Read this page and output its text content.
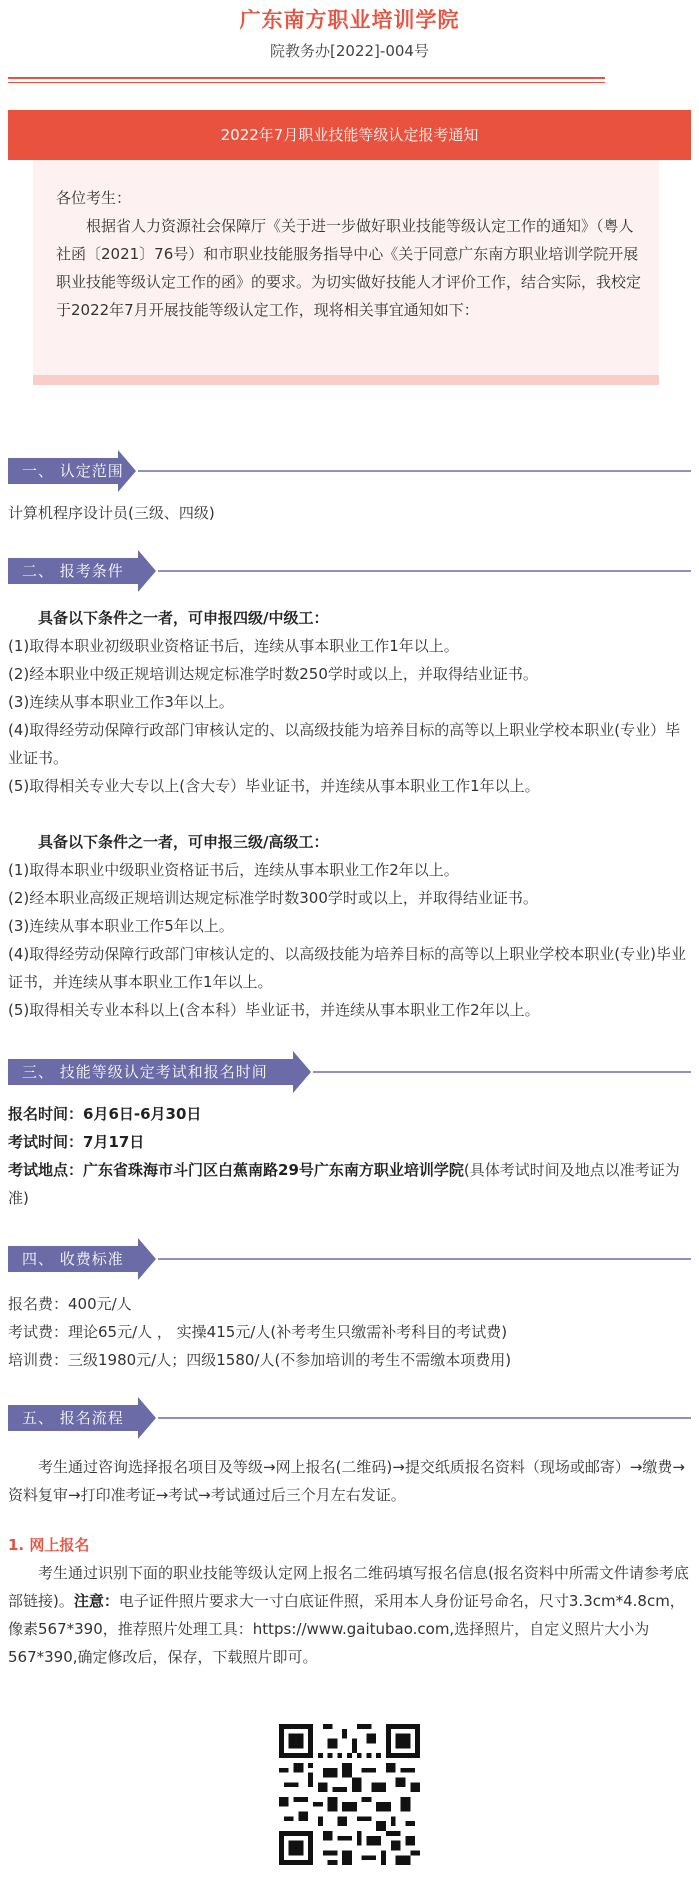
广东南方职业培训学院
院教务办[2022]-004号
2022年7月职业技能等级认定报考通知

各位考生：

根据省人力资源社会保障厅《关于进一步做好职业技能等级认定工作的通知》（粤人社函〔2021〕76号）和市职业技能服务指导中心《关于同意广东南方职业培训学院开展职业技能等级认定工作的函》的要求。为切实做好技能人才评价工作，结合实际，我校定于2022年7月开展技能等级认定工作，现将相关事宜通知如下：

一、 认定范围

计算机程序设计员(三级、四级)

二、 报考条件

具备以下条件之一者，可申报四级/中级工：

(1)取得本职业初级职业资格证书后，连续从事本职业工作1年以上。

(2)经本职业中级正规培训达规定标准学时数250学时或以上，并取得结业证书。

(3)连续从事本职业工作3年以上。

(4)取得经劳动保障行政部门审核认定的、以高级技能为培养目标的高等以上职业学校本职业(专业）毕业证书。

(5)取得相关专业大专以上(含大专）毕业证书，并连续从事本职业工作1年以上。

具备以下条件之一者，可申报三级/高级工：

(1)取得本职业中级职业资格证书后，连续从事本职业工作2年以上。

(2)经本职业高级正规培训达规定标准学时数300学时或以上，并取得结业证书。

(3)连续从事本职业工作5年以上。

(4)取得经劳动保障行政部门审核认定的、以高级技能为培养目标的高等以上职业学校本职业(专业)毕业证书，并连续从事本职业工作1年以上。

(5)取得相关专业本科以上(含本科）毕业证书，并连续从事本职业工作2年以上。

三、 技能等级认定考试和报名时间

报名时间：6月6日-6月30日

考试时间：7月17日

考试地点：广东省珠海市斗门区白蕉南路29号广东南方职业培训学院(具体考试时间及地点以准考证为准)

四、 收费标准

报名费：400元/人

考试费：理论65元/人 ， 实操415元/人(补考考生只缴需补考科目的考试费)

培训费：三级1980元/人；四级1580/人(不参加培训的考生不需缴本项费用)

五、 报名流程

考生通过咨询选择报名项目及等级→网上报名(二维码)→提交纸质报名资料（现场或邮寄）→缴费→资料复审→打印准考证→考试→考试通过后三个月左右发证。

1. 网上报名

考生通过识别下面的职业技能等级认定网上报名二维码填写报名信息(报名资料中所需文件请参考底部链接)。注意：电子证件照片要求大一寸白底证件照，采用本人身份证号命名，尺寸3.3cm*4.8cm，像素567*390，推荐照片处理工具：https://www.gaitubao.com,选择照片，自定义照片大小为567*390,确定修改后，保存，下载照片即可。
